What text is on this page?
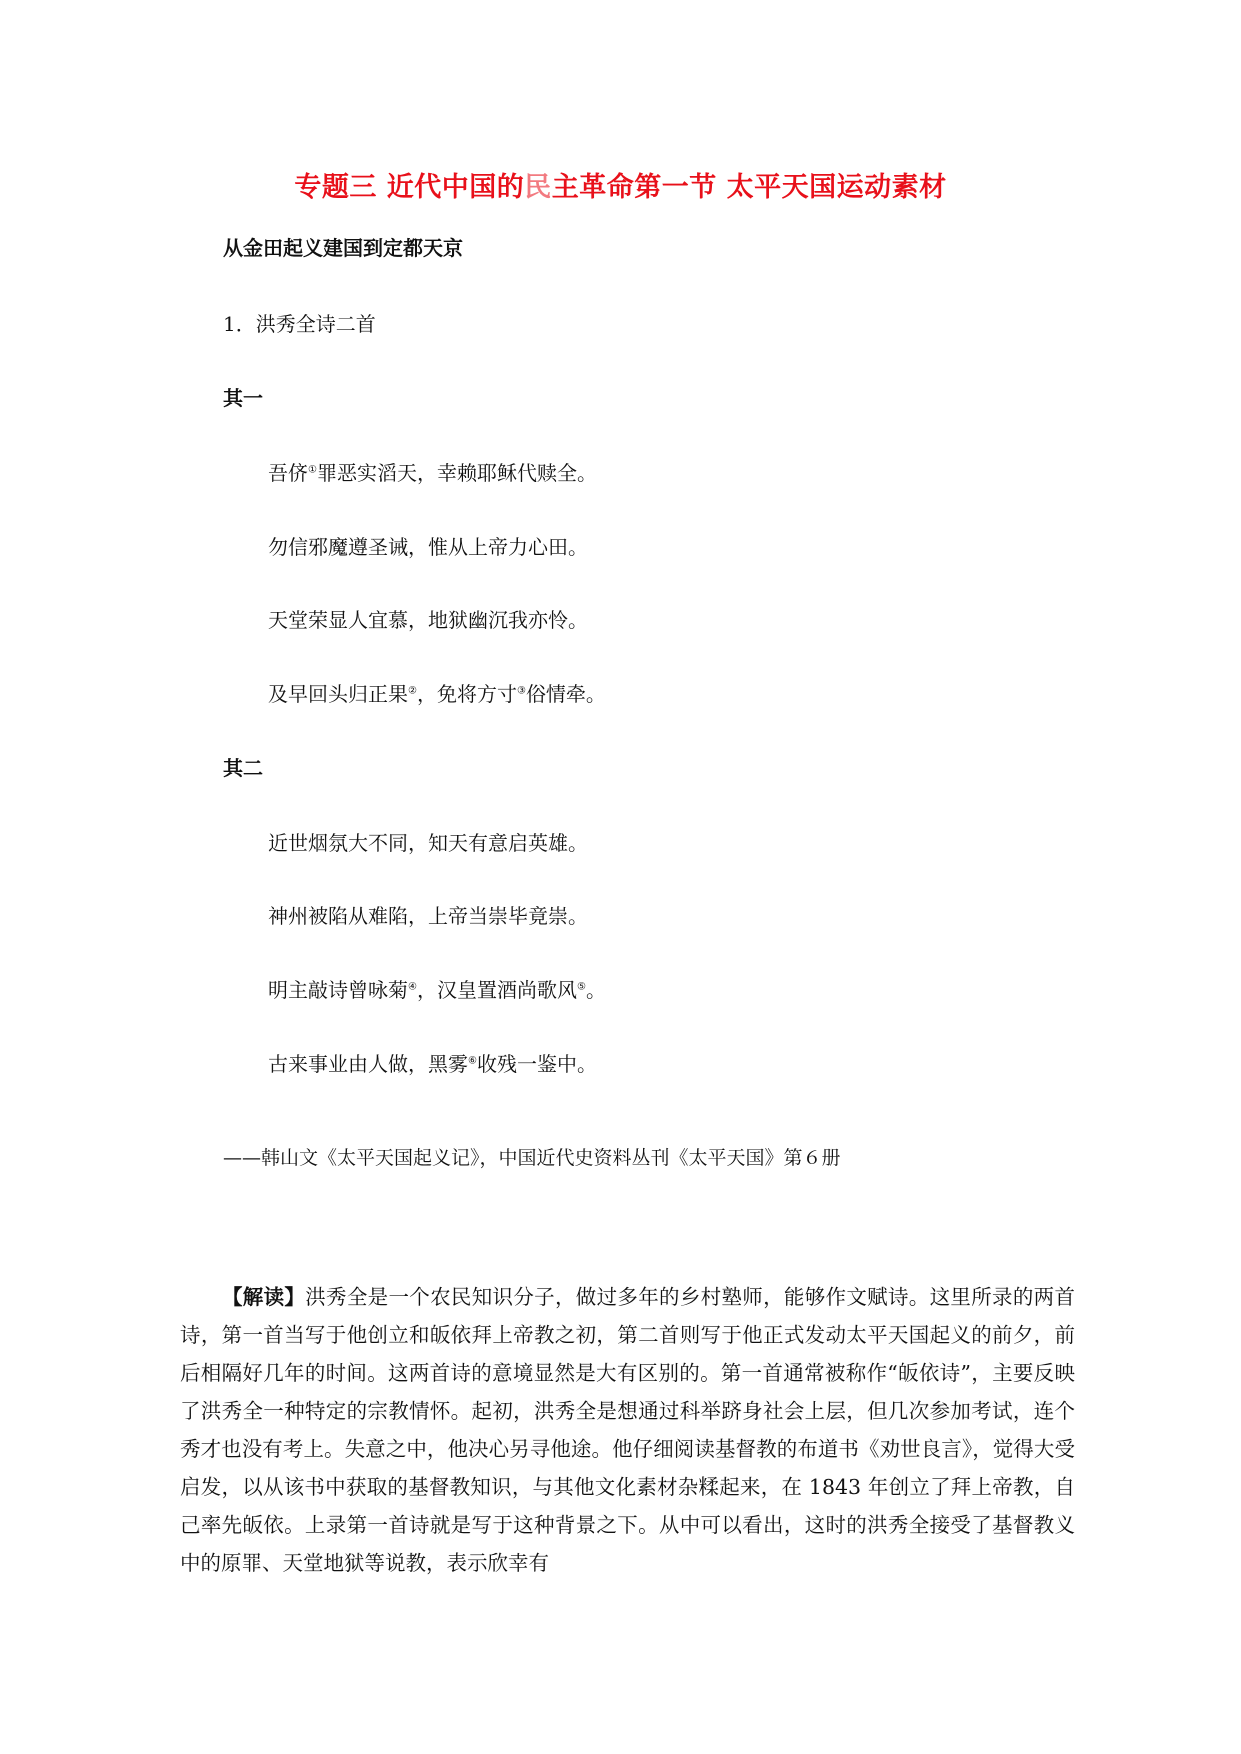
专题三 近代中国的民主革命第一节 太平天国运动素材
从金田起义建国到定都天京
1．洪秀全诗二首
其一
吾侪①罪恶实滔天，幸赖耶稣代赎全。
勿信邪魔遵圣诫，惟从上帝力心田。
天堂荣显人宜慕，地狱幽沉我亦怜。
及早回头归正果②，免将方寸③俗情牵。
其二
近世烟氛大不同，知天有意启英雄。
神州被陷从难陷，上帝当崇毕竟崇。
明主敲诗曾咏菊④，汉皇置酒尚歌风⑤。
古来事业由人做，黑雾⑥收残一鉴中。
——韩山文《太平天国起义记》，中国近代史资料丛刊《太平天国》第６册
【解读】洪秀全是一个农民知识分子，做过多年的乡村塾师，能够作文赋诗。这里所录的两首诗，第一首当写于他创立和皈依拜上帝教之初，第二首则写于他正式发动太平天国起义的前夕，前后相隔好几年的时间。这两首诗的意境显然是大有区别的。第一首通常被称作“皈依诗”，主要反映了洪秀全一种特定的宗教情怀。起初，洪秀全是想通过科举跻身社会上层，但几次参加考试，连个秀才也没有考上。失意之中，他决心另寻他途。他仔细阅读基督教的布道书《劝世良言》，觉得大受启发，以从该书中获取的基督教知识，与其他文化素材杂糅起来，在 1843 年创立了拜上帝教，自己率先皈依。上录第一首诗就是写于这种背景之下。从中可以看出，这时的洪秀全接受了基督教义中的原罪、天堂地狱等说教，表示欣幸有
